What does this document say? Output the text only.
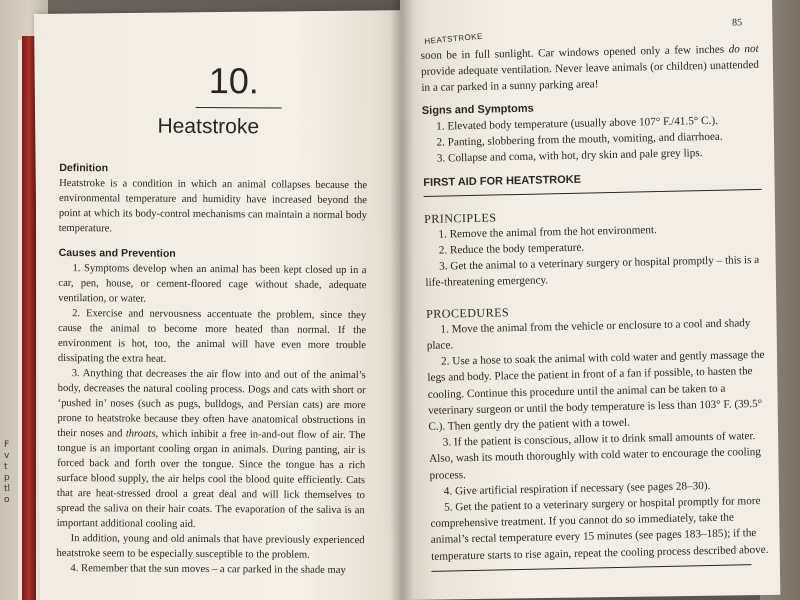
F
v
t
p
tl
o
10.
Heatstroke
Definition

Heatstroke is a condition in which an animal collapses because the environmental temperature and humidity have increased beyond the point at which its body-control mechanisms can maintain a normal body temperature.

Causes and Prevention

1. Symptoms develop when an animal has been kept closed up in a car, pen, house, or cement-floored cage without shade, adequate ventilation, or water.

2. Exercise and nervousness accentuate the problem, since they cause the animal to become more heated than normal. If the environment is hot, too, the animal will have even more trouble dissipating the extra heat.

3. Anything that decreases the air flow into and out of the animal’s body, decreases the natural cooling process. Dogs and cats with short or ‘pushed in’ noses (such as pugs, bulldogs, and Persian cats) are more prone to heatstroke because they often have anatomical obstructions in their noses and throats, which inhibit a free in-and-out flow of air. The tongue is an important cooling organ in animals. During panting, air is forced back and forth over the tongue. Since the tongue has a rich surface blood supply, the air helps cool the blood quite efficiently. Cats that are heat-stressed drool a great deal and will lick themselves to spread the saliva on their hair coats. The evaporation of the saliva is an important additional cooling aid.

In addition, young and old animals that have previously experienced heatstroke seem to be especially susceptible to the problem.

4. Remember that the sun moves – a car parked in the shade may

HEATSTROKE
85

soon be in full sunlight. Car windows opened only a few inches do not provide adequate ventilation. Never leave animals (or children) unattended in a car parked in a sunny parking area!

Signs and Symptoms
1. Elevated body temperature (usually above 107° F./41.5° C.).
2. Panting, slobbering from the mouth, vomiting, and diarrhoea.
3. Collapse and coma, with hot, dry skin and pale grey lips.
FIRST AID FOR HEATSTROKE
PRINCIPLES
1. Remove the animal from the hot environment.
2. Reduce the body temperature.
3. Get the animal to a veterinary surgery or hospital promptly – this is a life-threatening emergency.
PROCEDURES
1. Move the animal from the vehicle or enclosure to a cool and shady place.
2. Use a hose to soak the animal with cold water and gently massage the legs and body. Place the patient in front of a fan if possible, to hasten the cooling. Continue this procedure until the animal can be taken to a veterinary surgeon or until the body temperature is less than 103° F. (39.5° C.). Then gently dry the patient with a towel.
3. If the patient is conscious, allow it to drink small amounts of water. Also, wash its mouth thoroughly with cold water to encourage the cooling process.
4. Give artificial respiration if necessary (see pages 28–30).
5. Get the patient to a veterinary surgery or hospital promptly for more comprehensive treatment. If you cannot do so immediately, take the animal’s rectal temperature every 15 minutes (see pages 183–185); if the temperature starts to rise again, repeat the cooling process described above.
